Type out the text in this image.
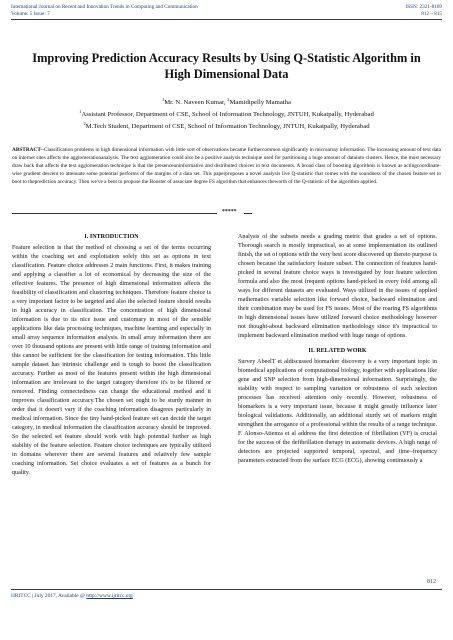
International Journal on Recent and Innovation Trends in Computing and Communication
Volume: 5 Issue: 7
ISSN: 2321-8169
812 – 815
Improving Prediction Accuracy Results by Using Q-Statistic Algorithm in High Dimensional Data
$^1$Mr. N. Naveen Kumar, $^2$Mamidipelly Mamatha
$^1$Assistant Professor, Department of CSE, School of Information Technology, JNTUH, Kukatpally, Hyderabad
$^2$M.Tech Student, Department of CSE, School of Information Technology, JNTUH, Kukatpally, Hyderabad
ABSTRACT--Classification problems in high dimensional information with little sort of observations became furthercommon significantly in microarray information. The increasing amount of text data on internet sites affects the agglomerationanalysis. The text agglomeration could also be a positive analysis technique used for partitioning a huge amount of datainto clusters. Hence, the most necessary draw back that affects the text agglomeration technique is that the presenceuninformative and distributed choices in text documents. A broad class of boosting algorithms is known as actingcoordinate-wise gradient descent to attenuate some potential performs of the margins of a data set. This paperproposes a novel analysis live Q-statistic that comes with the soundness of the chosen feature set to boot to theprediction accuracy. Then we've a bent to propose the Booster of associate degree FS algorithm that enhances theworth of the Q-statistic of the algorithm applied.
*****

I. INTRODUCTION

Feature selection is that the method of choosing a set of the terms occurring within the coaching set and exploitation solely this set as options in text classification. Feature choice addresses 2 main functions. First, it makes training and applying a classifier a lot of economical by decreasing the size of the effective features. The presence of high dimensional information affects the feasibility of classification and clustering techniques. Therefore feature choice is a very important factor to be targeted and also the selected feature should results in high accuracy in classification. The concentration of high dimensional information is due to its nice issue and customary in most of the sensible applications like data processing techniques, machine learning and especially in small array sequence information analysis. In small array information there are over 10 thousand options are present with little range of training information and this cannot be sufficient for the classification for testing information. This little sample dataset has intrinsic challenge and is tough to boost the classification accuracy. Further as most of the features present within the high dimensional information are irrelevant to the target category therefore it's to be filtered or removed. Finding connectedness can change the educational method and it improves classification accuracy.The chosen set ought to be sturdy manner in order that it doesn't vary if the coaching information disagrees particularly in medical information. Since the tiny hand-picked feature set can decide the target category, in medical information the classification accuracy should be improved. So the selected set feature should work with high potential further as high stability of the feature selection. Feature choice techniques are typically utilized in domains wherever there are several features and relatively few sample coaching information. Set choice evaluates a set of features as a bunch for quality.

Analysis of the subsets needs a grading metric that grades a set of options. Thorough search is mostly impractical, so at some implementation its outlined finish, the set of options with the very best score discovered up thereto purpose is chosen because the satisfactory feature subset. The connection of features hand-picked in several feature choice ways is investigated by four feature selection formula and also the most frequent options hand-picked in every fold among all ways for different datasets are evaluated. Ways utilized in the issues of applied mathematics variable selection like forward choice, backward elimination and their combination may be used for FS issues. Most of the roaring FS algorithms in high dimensional issues have utilized forward choice methodology however not thought-about backward elimination methodology since it's impractical to implement backward elimination method with huge range of options.

II. RELATED WORK

Survey AbeelT et aldiscussed biomarker discovery is a very important topic in biomedical applications of computational biology, together with applications like gene and SNP selection from high-dimensional information. Surprisingly, the stability with respect to sampling variation or robustness of such selection processes has received attention only recently. However, robustness of biomarkers is a very important issue, because it might greatly influence later biological validations. Additionally, an additional sturdy set of markers might strengthen the arrogance of a professional within the results of a range technique. F. Alonso-Atienza et al address the first detection of fibrillation (VF) is crucial for the success of the defibrillation therapy in automatic devices. A high range of detectors are projected supported temporal, spectral, and time–frequency parameters extracted from the surface ECG (ECG), showing continuously a

812
IJRITCC | July 2017, Available @ http://www.ijritcc.org
